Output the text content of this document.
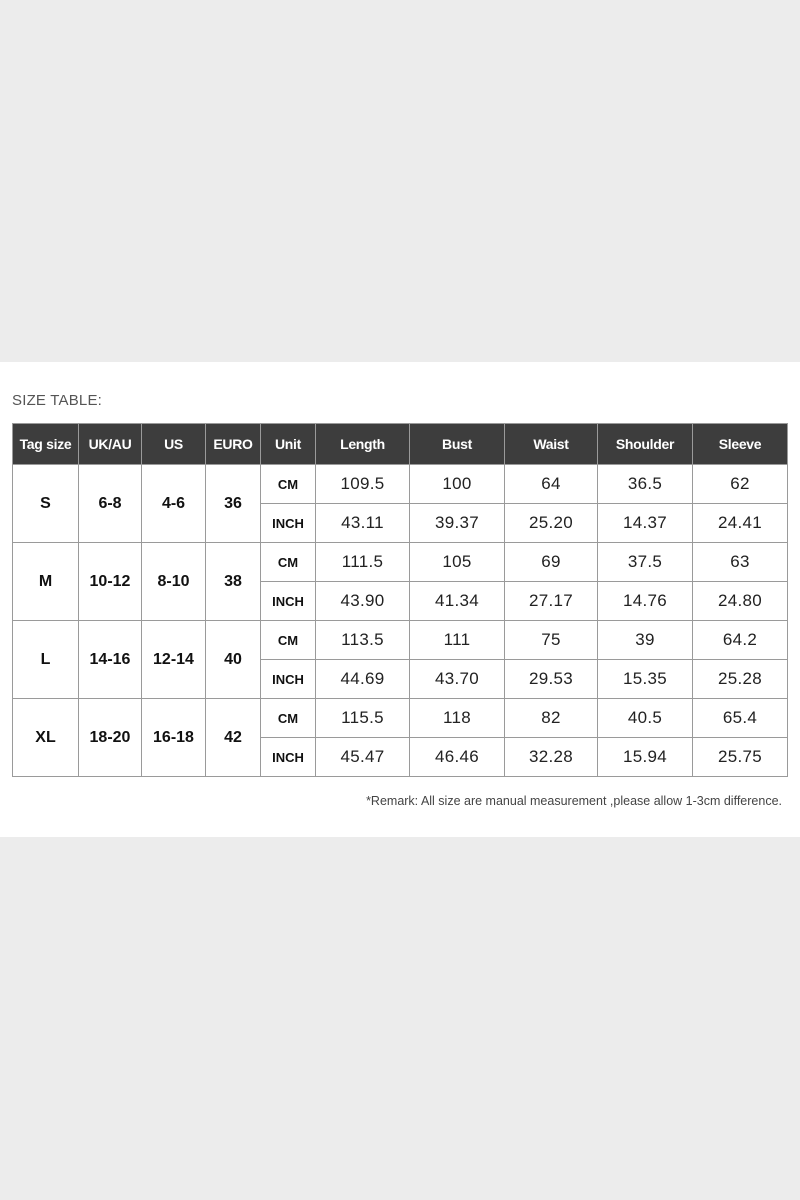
SIZE TABLE:
Tag size	UK/AU	US	EURO	Unit	Length	Bust	Waist	Shoulder	Sleeve
S	6-8	4-6	36	CM	109.5	100	64	36.5	62
				INCH	43.11	39.37	25.20	14.37	24.41
M	10-12	8-10	38	CM	111.5	105	69	37.5	63
				INCH	43.90	41.34	27.17	14.76	24.80
L	14-16	12-14	40	CM	113.5	111	75	39	64.2
				INCH	44.69	43.70	29.53	15.35	25.28
XL	18-20	16-18	42	CM	115.5	118	82	40.5	65.4
				INCH	45.47	46.46	32.28	15.94	25.75
*Remark: All size are manual measurement ,please allow 1-3cm difference.
